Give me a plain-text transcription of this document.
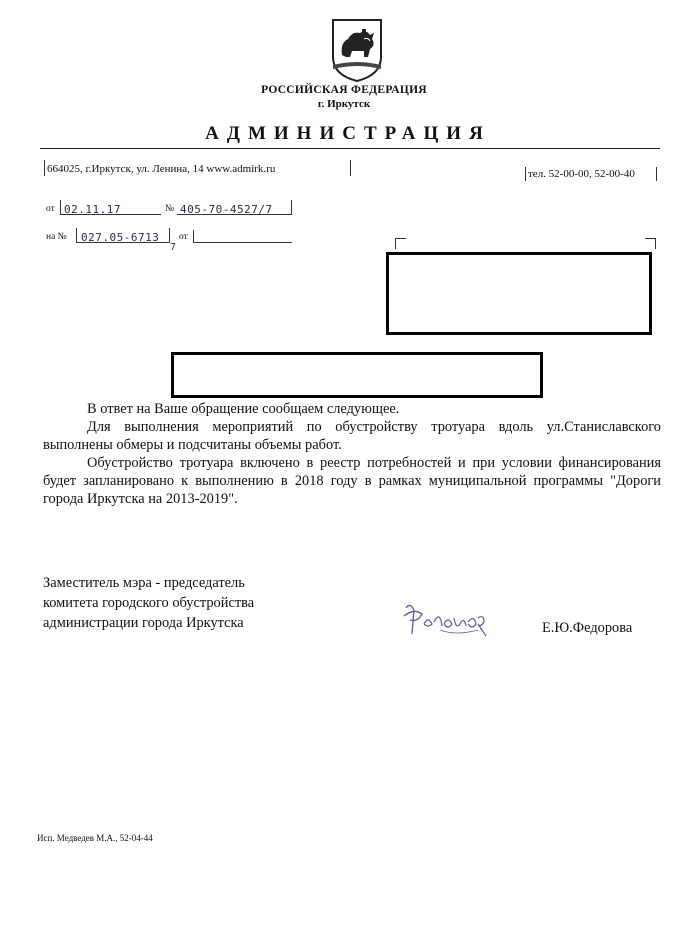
РОССИЙСКАЯ ФЕДЕРАЦИЯ
г. Иркутск
АДМИНИСТРАЦИЯ
664025, г.Иркутск, ул. Ленина, 14 www.admirk.ru	тел. 52-00-00, 52-00-40
от 02.11.17	№ 405-70-4527/7
на №	027.05-6713
7
от

В ответ на Ваше обращение сообщаем следующее.

Для выполнения мероприятий по обустройству тротуара вдоль ул.Станиславского выполнены обмеры и подсчитаны объемы работ.

Обустройство тротуара включено в реестр потребностей и при условии финансирования будет запланировано к выполнению в 2018 году в рамках муниципальной программы "Дороги города Иркутска на 2013-2019".

Заместитель мэра - председатель
комитета городского обустройства
администрации города Иркутска	Е.Ю.Федорова
Исп. Медведев М.А., 52-04-44
